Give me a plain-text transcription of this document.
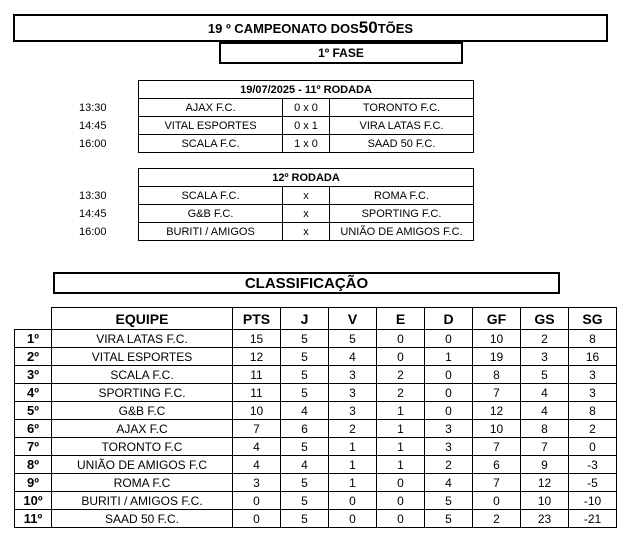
19 º CAMPEONATO DOS 50 TÕES
1º FASE
	19/07/2025 - 11º RODADA		
13:30	AJAX F.C.	0 x 0	TORONTO F.C.
14:45	VITAL ESPORTES	0 x 1	VIRA LATAS F.C.
16:00	SCALA F.C.	1 x 0	SAAD 50 F.C.
	12º RODADA		
13:30	SCALA F.C.	x	ROMA F.C.
14:45	G&B F.C.	x	SPORTING F.C.
16:00	BURITI / AMIGOS	x	UNIÃO DE AMIGOS F.C.
CLASSIFICAÇÃO
	EQUIPE	PTS	J	V	E	D	GF	GS	SG
1º	VIRA LATAS F.C.	15	5	5	0	0	10	2	8
2º	VITAL ESPORTES	12	5	4	0	1	19	3	16
3º	SCALA F.C.	11	5	3	2	0	8	5	3
4º	SPORTING F.C.	11	5	3	2	0	7	4	3
5º	G&B F.C	10	4	3	1	0	12	4	8
6º	AJAX F.C	7	6	2	1	3	10	8	2
7º	TORONTO F.C	4	5	1	1	3	7	7	0
8º	UNIÃO DE AMIGOS F.C	4	4	1	1	2	6	9	-3
9º	ROMA F.C	3	5	1	0	4	7	12	-5
10º	BURITI / AMIGOS F.C.	0	5	0	0	5	0	10	-10
11º	SAAD 50 F.C.	0	5	0	0	5	2	23	-21
